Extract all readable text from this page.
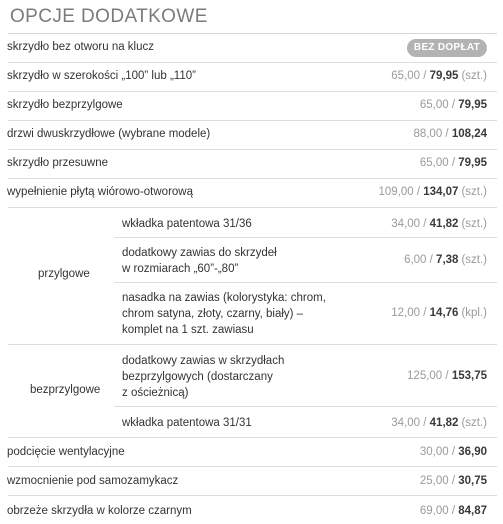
OPCJE DODATKOWE
skrzydło bez otworu na klucz	BEZ DOPŁAT
skrzydło w szerokości „100” lub „110”	65,00 / 79,95 (szt.)
skrzydło bezprzylgowe	65,00 / 79,95
drzwi dwuskrzydłowe (wybrane modele)	88,00 / 108,24
skrzydło przesuwne	65,00 / 79,95
wypełnienie płytą wiórowo-otworową	109,00 / 134,07 (szt.)
przylgowe
wkładka patentowa 31/36	34,00 / 41,82 (szt.)
dodatkowy zawias do skrzydeł
w rozmiarach „60”-„80”
6,00 / 7,38 (szt.)
nasadka na zawias (kolorystyka: chrom,
chrom satyna, złoty, czarny, biały) –
komplet na 1 szt. zawiasu
12,00 / 14,76 (kpl.)
bezprzylgowe
dodatkowy zawias w skrzydłach
bezprzylgowych (dostarczany
z ościeżnicą)
125,00 / 153,75
wkładka patentowa 31/31	34,00 / 41,82 (szt.)
podcięcie wentylacyjne	30,00 / 36,90
wzmocnienie pod samozamykacz	25,00 / 30,75
obrzeże skrzydła w kolorze czarnym	69,00 / 84,87
